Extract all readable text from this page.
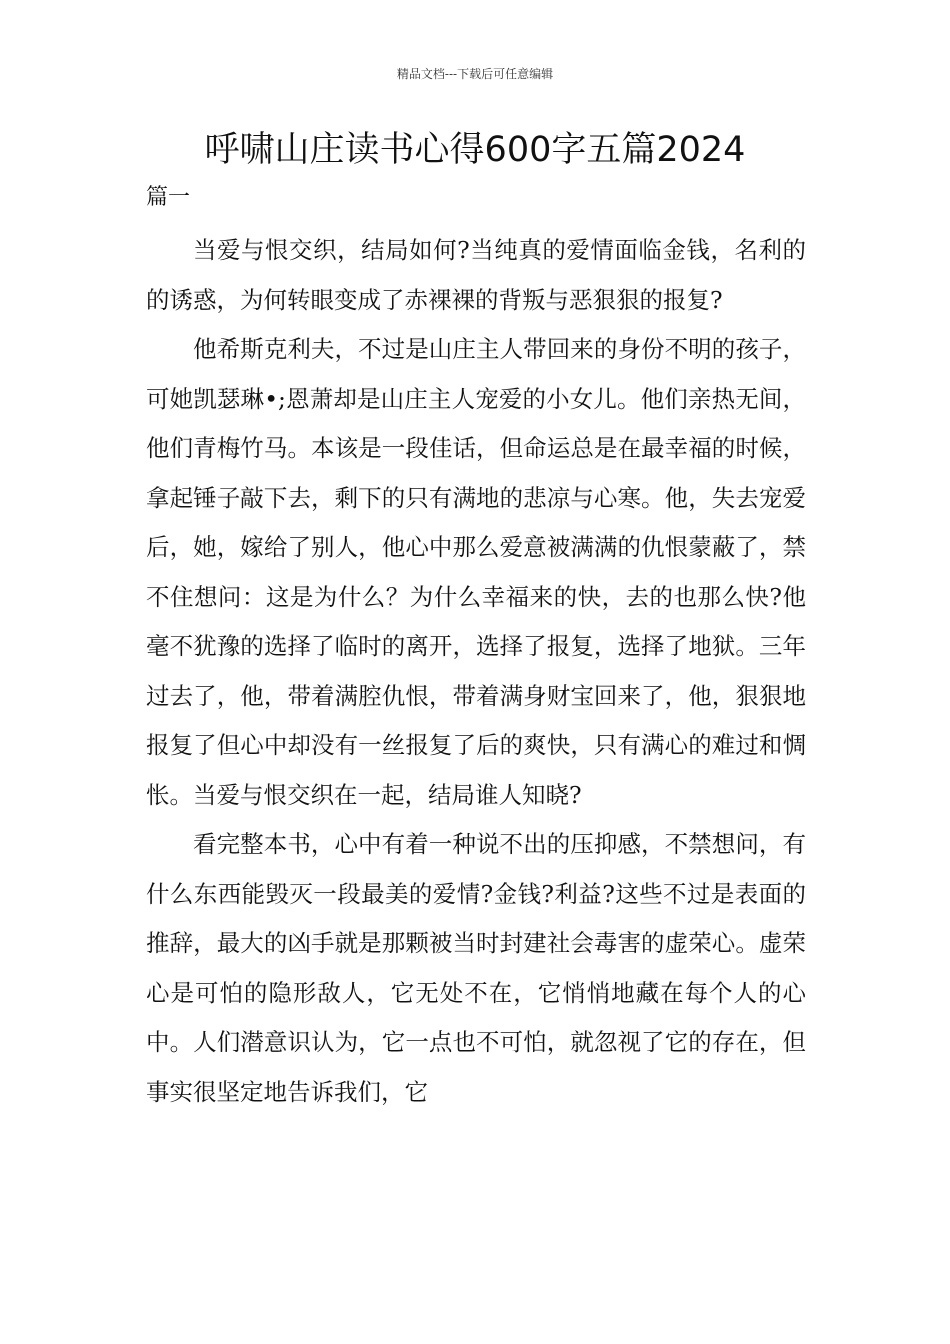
精品文档---下载后可任意编辑
呼啸山庄读书心得600字五篇2024
篇一

当爱与恨交织，结局如何?当纯真的爱情面临金钱，名利的的诱惑，为何转眼变成了赤裸裸的背叛与恶狠狠的报复?

他希斯克利夫，不过是山庄主人带回来的身份不明的孩子，可她凯瑟琳•;恩萧却是山庄主人宠爱的小女儿。他们亲热无间，他们青梅竹马。本该是一段佳话，但命运总是在最幸福的时候，拿起锤子敲下去，剩下的只有满地的悲凉与心寒。他，失去宠爱后，她，嫁给了别人，他心中那么爱意被满满的仇恨蒙蔽了，禁不住想问：这是为什么？为什么幸福来的快，去的也那么快?他毫不犹豫的选择了临时的离开，选择了报复，选择了地狱。三年过去了，他，带着满腔仇恨，带着满身财宝回来了，他，狠狠地报复了但心中却没有一丝报复了后的爽快，只有满心的难过和惆怅。当爱与恨交织在一起，结局谁人知晓?

看完整本书，心中有着一种说不出的压抑感，不禁想问，有什么东西能毁灭一段最美的爱情?金钱?利益?这些不过是表面的推辞，最大的凶手就是那颗被当时封建社会毒害的虚荣心。虚荣心是可怕的隐形敌人，它无处不在，它悄悄地藏在每个人的心中。人们潜意识认为，它一点也不可怕，就忽视了它的存在，但事实很坚定地告诉我们，它
